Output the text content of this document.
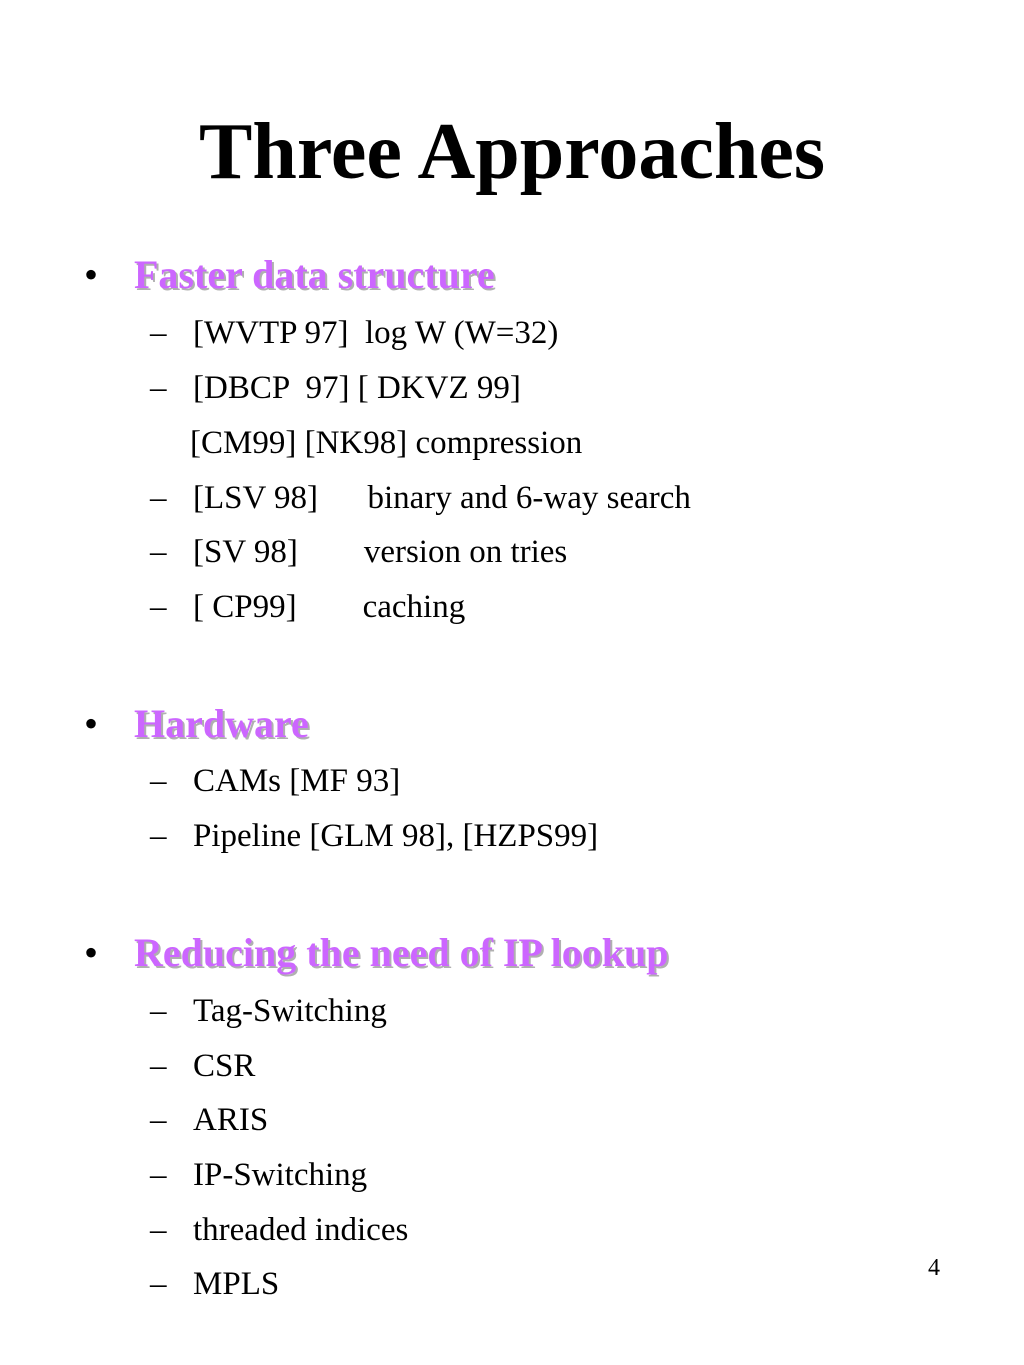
Three Approaches
• Faster data structure
– [WVTP 97]  log W (W=32)
– [DBCP  97] [ DKVZ 99]
[CM99] [NK98] compression
– [LSV 98]      binary and 6-way search
– [SV 98]        version on tries
– [ CP99]        caching
• Hardware
– CAMs [MF 93]
– Pipeline [GLM 98], [HZPS99]
• Reducing the need of IP lookup
– Tag-Switching
– CSR
– ARIS
– IP-Switching
– threaded indices
– MPLS	4
